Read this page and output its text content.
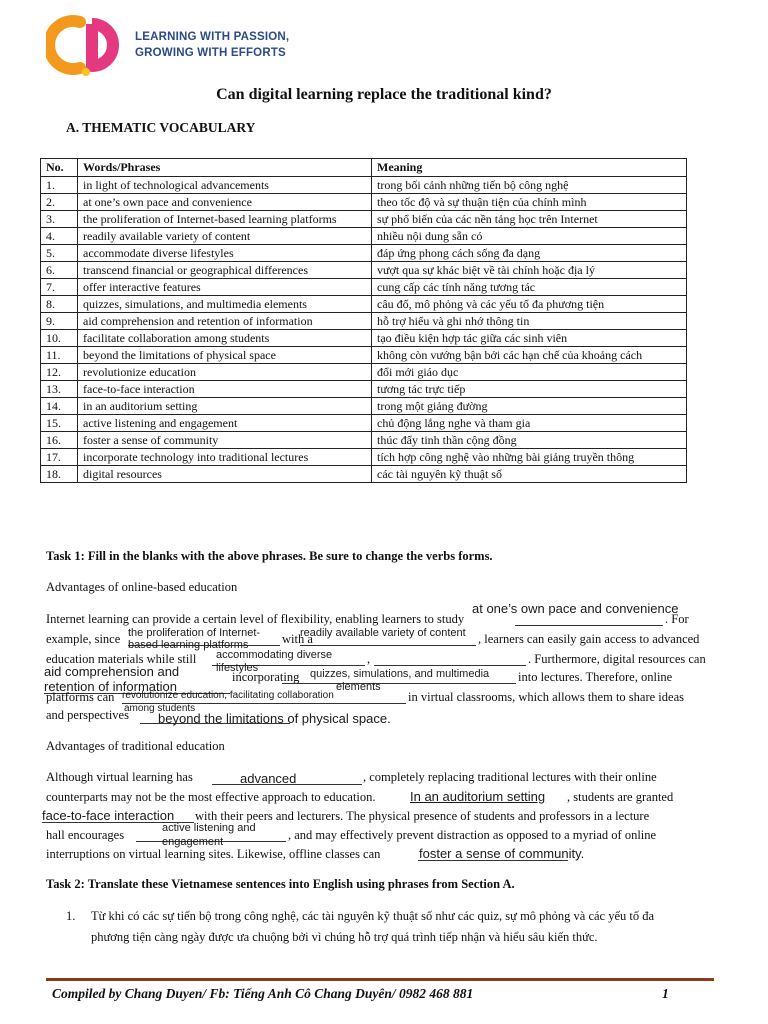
LEARNING WITH PASSION,
GROWING WITH EFFORTS
Can digital learning replace the traditional kind?
A. THEMATIC VOCABULARY
No.	Words/Phrases	Meaning
1.	in light of technological advancements	trong bối cảnh những tiến bộ công nghệ
2.	at one’s own pace and convenience	theo tốc độ và sự thuận tiện của chính mình
3.	the proliferation of Internet-based learning platforms	sự phổ biến của các nền tảng học trên Internet
4.	readily available variety of content	nhiều nội dung sẵn có
5.	accommodate diverse lifestyles	đáp ứng phong cách sống đa dạng
6.	transcend financial or geographical differences	vượt qua sự khác biệt về tài chính hoặc địa lý
7.	offer interactive features	cung cấp các tính năng tương tác
8.	quizzes, simulations, and multimedia elements	câu đố, mô phỏng và các yếu tố đa phương tiện
9.	aid comprehension and retention of information	hỗ trợ hiểu và ghi nhớ thông tin
10.	facilitate collaboration among students	tạo điều kiện hợp tác giữa các sinh viên
11.	beyond the limitations of physical space	không còn vướng bận bởi các hạn chế của khoảng cách
12.	revolutionize education	đổi mới giáo dục
13.	face-to-face interaction	tương tác trực tiếp
14.	in an auditorium setting	trong một giảng đường
15.	active listening and engagement	chủ động lắng nghe và tham gia
16.	foster a sense of community	thúc đẩy tinh thần cộng đồng
17.	incorporate technology into traditional lectures	tích hợp công nghệ vào những bài giảng truyền thông
18.	digital resources	các tài nguyên kỹ thuật số
Task 1: Fill in the blanks with the above phrases. Be sure to change the verbs forms.
Advantages of online-based education
Internet learning can provide a certain level of flexibility, enabling learners to study	. For
at one’s own pace and convenience
example, since the proliferation of Internet-
based learning platforms	with a
readily available variety of content , learners can easily gain access to advanced
education materials while still accommodating diverse
lifestyles
,	. Furthermore, digital resources can
aid comprehension and
retention of information
incorporating quizzes, simulations, and multimedia
elements
into lectures. Therefore, online
platforms can revolutionize education, facilitating collaboration	in virtual classrooms, which allows them to share ideas
and perspectives
among students
beyond the limitations of physical space.
Advantages of traditional education
Although virtual learning has	advanced	, completely replacing traditional lectures with their online
counterparts may not be the most effective approach to education.	In an auditorium setting , students are granted
face-to-face interaction with their peers and lecturers. The physical presence of students and professors in a lecture
hall encourages	active listening and
engagement	, and may effectively prevent distraction as opposed to a myriad of online
interruptions on virtual learning sites. Likewise, offline classes can	foster a sense of community.
Task 2: Translate these Vietnamese sentences into English using phrases from Section A.
1. Từ khi có các sự tiến bộ trong công nghệ, các tài nguyên kỹ thuật số như các quiz, sự mô phỏng và các yếu tố đa
phương tiện càng ngày được ưa chuộng bởi vì chúng hỗ trợ quá trình tiếp nhận và hiểu sâu kiến thức.
Compiled by Chang Duyen/ Fb: Tiếng Anh Cô Chang Duyên/ 0982 468 881	1
